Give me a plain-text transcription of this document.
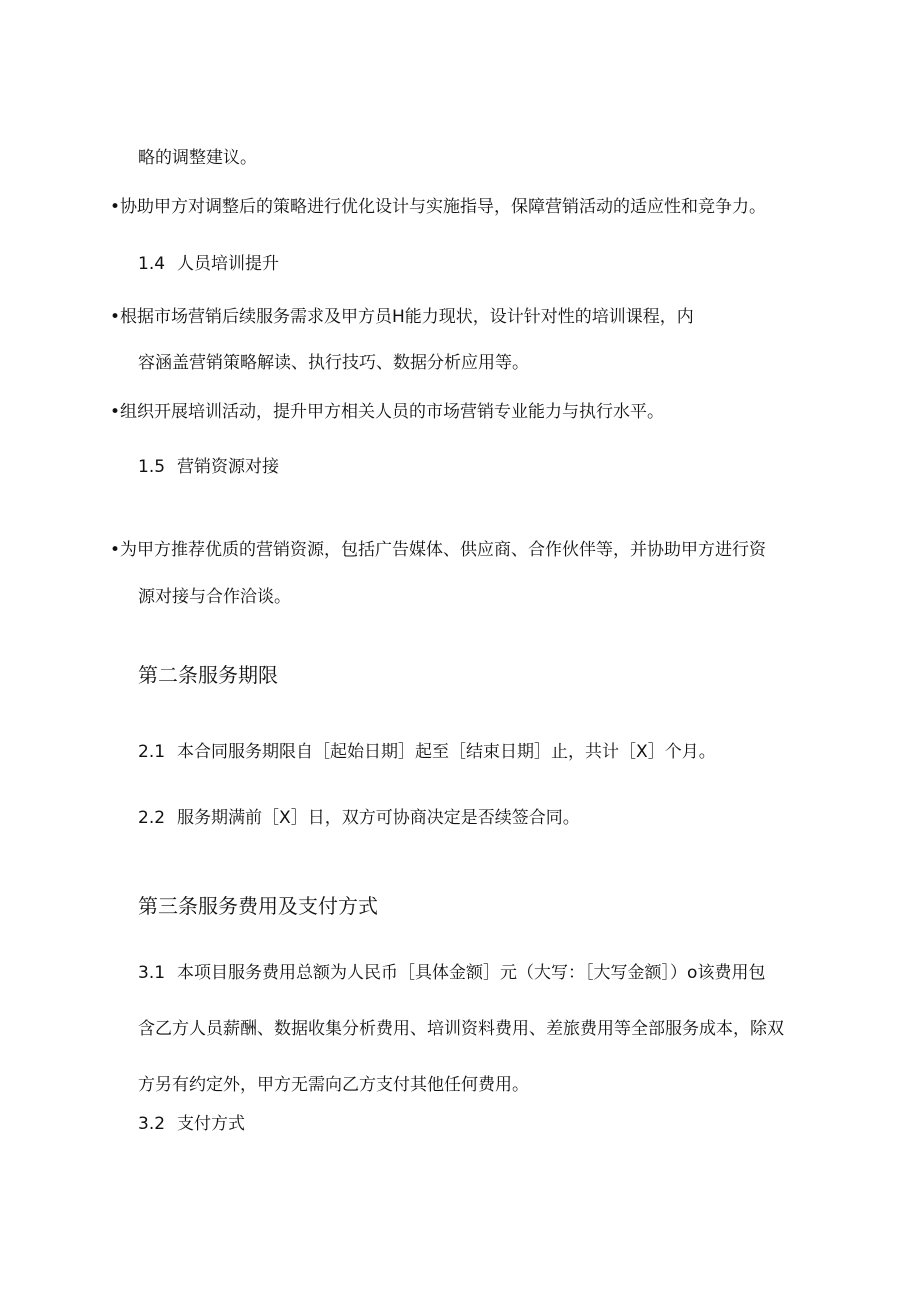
略的调整建议。
•协助甲方对调整后的策略进行优化设计与实施指导，保障营销活动的适应性和竞争力。
1.4 人员培训提升
•根据市场营销后续服务需求及甲方员H能力现状，设计针对性的培训课程，内
容涵盖营销策略解读、执行技巧、数据分析应用等。
•组织开展培训活动，提升甲方相关人员的市场营销专业能力与执行水平。
1.5 营销资源对接
•为甲方推荐优质的营销资源，包括广告媒体、供应商、合作伙伴等，并协助甲方进行资
源对接与合作洽谈。
第二条服务期限
2.1 本合同服务期限自［起始日期］起至［结束日期］止，共计［X］个月。
2.2 服务期满前［X］日，双方可协商决定是否续签合同。
第三条服务费用及支付方式
3.1 本项目服务费用总额为人民币［具体金额］元（大写：［大写金额］）o该费用包
含乙方人员薪酬、数据收集分析费用、培训资料费用、差旅费用等全部服务成本，除双
方另有约定外，甲方无需向乙方支付其他任何费用。
3.2 支付方式
